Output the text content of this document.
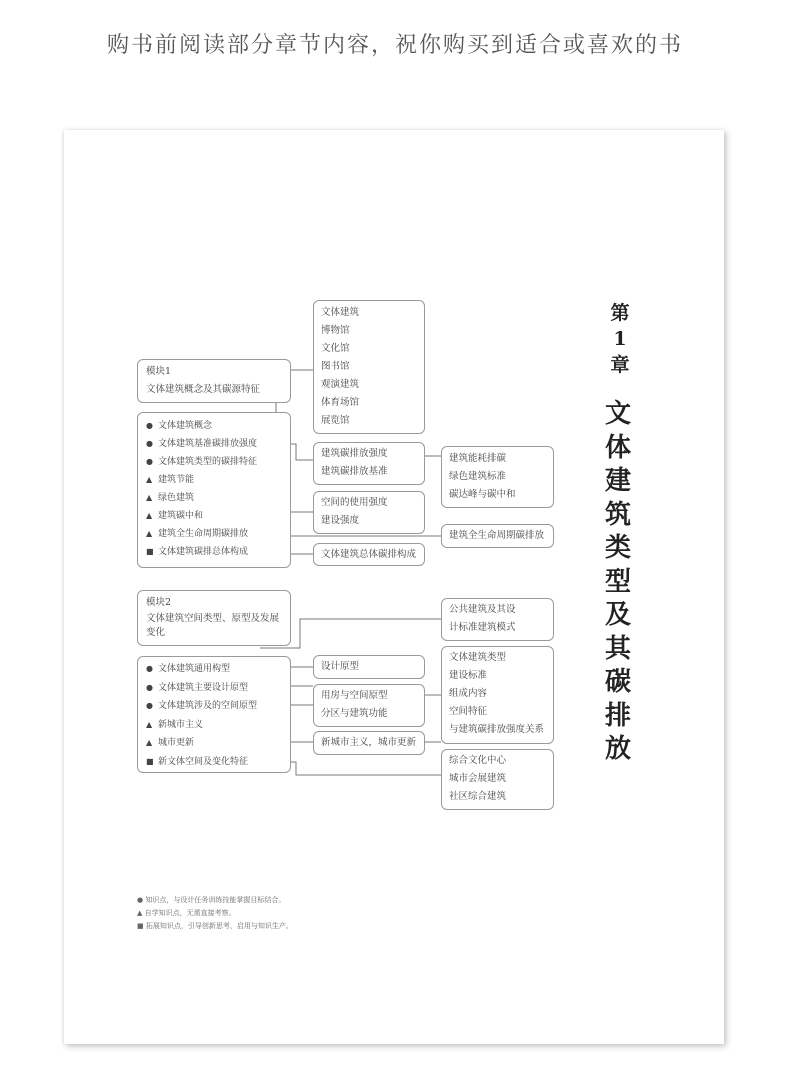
购书前阅读部分章节内容，祝你购买到适合或喜欢的书
模块1
文体建筑概念及其碳源特征
● 文体建筑概念
● 文体建筑基准碳排放强度
● 文体建筑类型的碳排特征
▲ 建筑节能
▲ 绿色建筑
▲ 建筑碳中和
▲ 建筑全生命周期碳排放
■ 文体建筑碳排总体构成
文体建筑
博物馆
文化馆
图书馆
观演建筑
体育场馆
展览馆
建筑碳排放强度
建筑碳排放基准
空间的使用强度
建设强度
文体建筑总体碳排构成
建筑能耗排碳
绿色建筑标准
碳达峰与碳中和
建筑全生命周期碳排放
模块2
文体建筑空间类型、原型及发展变化
● 文体建筑通用构型
● 文体建筑主要设计原型
● 文体建筑涉及的空间原型
▲ 新城市主义
▲ 城市更新
■ 新文体空间及变化特征
公共建筑及其设
计标准建筑模式
设计原型
用房与空间原型
分区与建筑功能
新城市主义，城市更新
文体建筑类型
建设标准
组成内容
空间特征
与建筑碳排放强度关系
综合文化中心
城市会展建筑
社区综合建筑
第
1
章
文
体
建
筑
类
型
及
其
碳
排
放
● 知识点，与设计任务训练技能掌握目标结合。
▲ 自学知识点，无需直接考察。
■ 拓展知识点，引导创新思考，启用与知识生产。
